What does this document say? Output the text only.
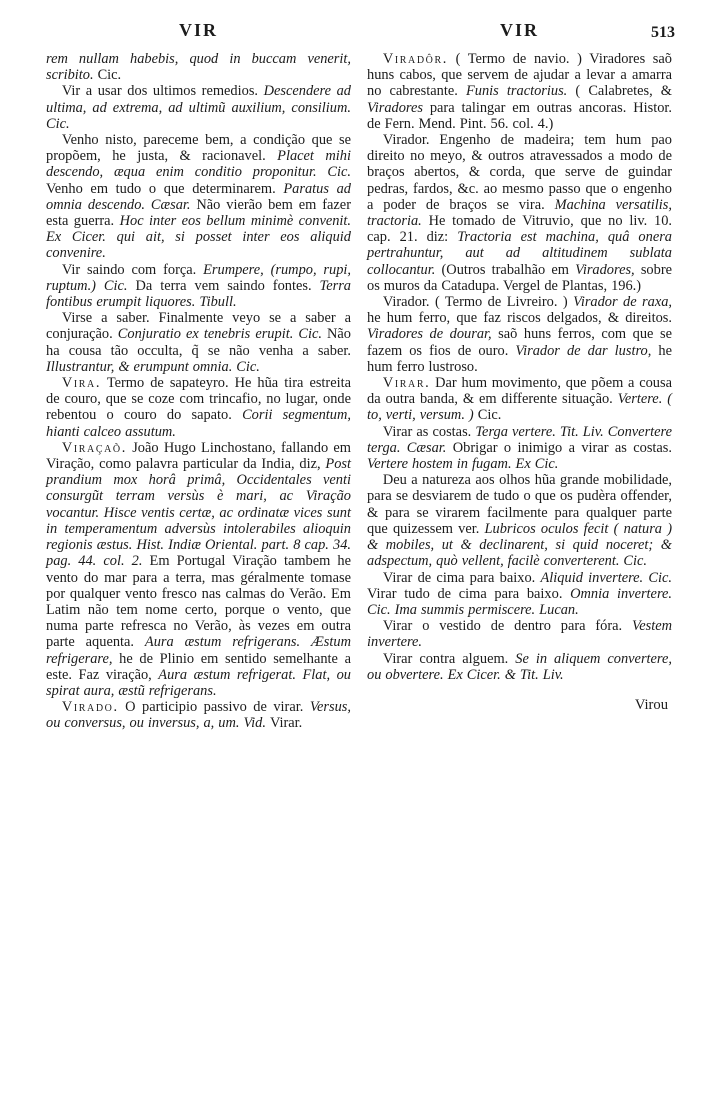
VIR	VIR	513

rem nullam habebis, quod in buccam venerit, scribito. Cic.

Vir a usar dos ultimos remedios. Descendere ad ultima, ad extrema, ad ultimũ auxilium, consilium. Cic.

Venho nisto, pareceme bem, a condição que se propõem, he justa, & racionavel. Placet mihi descendo, æqua enim conditio proponitur. Cic. Venho em tudo o que determinarem. Paratus ad omnia descendo. Cæsar. Não vierão bem em fazer esta guerra. Hoc inter eos bellum minimè convenit. Ex Cicer. qui ait, si posset inter eos aliquid convenire.

Vir saindo com força. Erumpere, (rumpo, rupi, ruptum.) Cic. Da terra vem saindo fontes. Terra fontibus erumpit liquores. Tibull.

Virse a saber. Finalmente veyo se a saber a conjuração. Conjuratio ex tenebris erupit. Cic. Não ha cousa tão occulta, q̃ se não venha a saber. Illustrantur, & erumpunt omnia. Cic.

Vira. Termo de sapateyro. He hũa tira estreita de couro, que se coze com trincafio, no lugar, onde rebentou o couro do sapato. Corii segmentum, hianti calceo assutum.

Viraçaõ. João Hugo Linchostano, fallando em Viração, como palavra particular da India, diz, Post prandium mox horâ primâ, Occidentales venti consurgũt terram versùs è mari, ac Viração vocantur. Hisce ventis certæ, ac ordinatæ vices sunt in temperamentum adversùs intolerabiles alioquin regionis æstus. Hist. Indiæ Oriental. part. 8 cap. 34. pag. 44. col. 2. Em Portugal Viração tambem he vento do mar para a terra, mas géralmente tomase por qualquer vento fresco nas calmas do Verão. Em Latim não tem nome certo, porque o vento, que numa parte refresca no Verão, às vezes em outra parte aquenta. Aura æstum refrigerans. Æstum refrigerare, he de Plinio em sentido semelhante a este. Faz viração, Aura æstum refrigerat. Flat, ou spirat aura, æstũ refrigerans.

Virado. O participio passivo de virar. Versus, ou conversus, ou inversus, a, um. Vid. Virar.

Viradôr. ( Termo de navio. ) Viradores saõ huns cabos, que servem de ajudar a levar a amarra no cabrestante. Funis tractorius. ( Calabretes, & Viradores para talingar em outras ancoras. Histor. de Fern. Mend. Pint. 56. col. 4.)

Virador. Engenho de madeira; tem hum pao direito no meyo, & outros atravessados a modo de braços abertos, & corda, que serve de guindar pedras, fardos, &c. ao mesmo passo que o engenho a poder de braços se vira. Machina versatilis, tractoria. He tomado de Vitruvio, que no liv. 10. cap. 21. diz: Tractoria est machina, quâ onera pertrahuntur, aut ad altitudinem sublata collocantur. (Outros trabalhão em Viradores, sobre os muros da Catadupa. Vergel de Plantas, 196.)

Virador. ( Termo de Livreiro. ) Virador de raxa, he hum ferro, que faz riscos delgados, & direitos. Viradores de dourar, saõ huns ferros, com que se fazem os fios de ouro. Virador de dar lustro, he hum ferro lustroso.

Virar. Dar hum movimento, que põem a cousa da outra banda, & em differente situação. Vertere. ( to, verti, versum. ) Cic.

Virar as costas. Terga vertere. Tit. Liv. Convertere terga. Cæsar. Obrigar o inimigo a virar as costas. Vertere hostem in fugam. Ex Cic.

Deu a natureza aos olhos hũa grande mobilidade, para se desviarem de tudo o que os pudèra offender, & para se virarem facilmente para qualquer parte que quizessem ver. Lubricos oculos fecit ( natura ) & mobiles, ut & declinarent, si quid noceret; & adspectum, quò vellent, facilè converterent. Cic.

Virar de cima para baixo. Aliquid invertere. Cic. Virar tudo de cima para baixo. Omnia invertere. Cic. Ima summis permiscere. Lucan.

Virar o vestido de dentro para fóra. Vestem invertere.

Virar contra alguem. Se in aliquem convertere, ou obvertere. Ex Cicer. & Tit. Liv.

Virou
